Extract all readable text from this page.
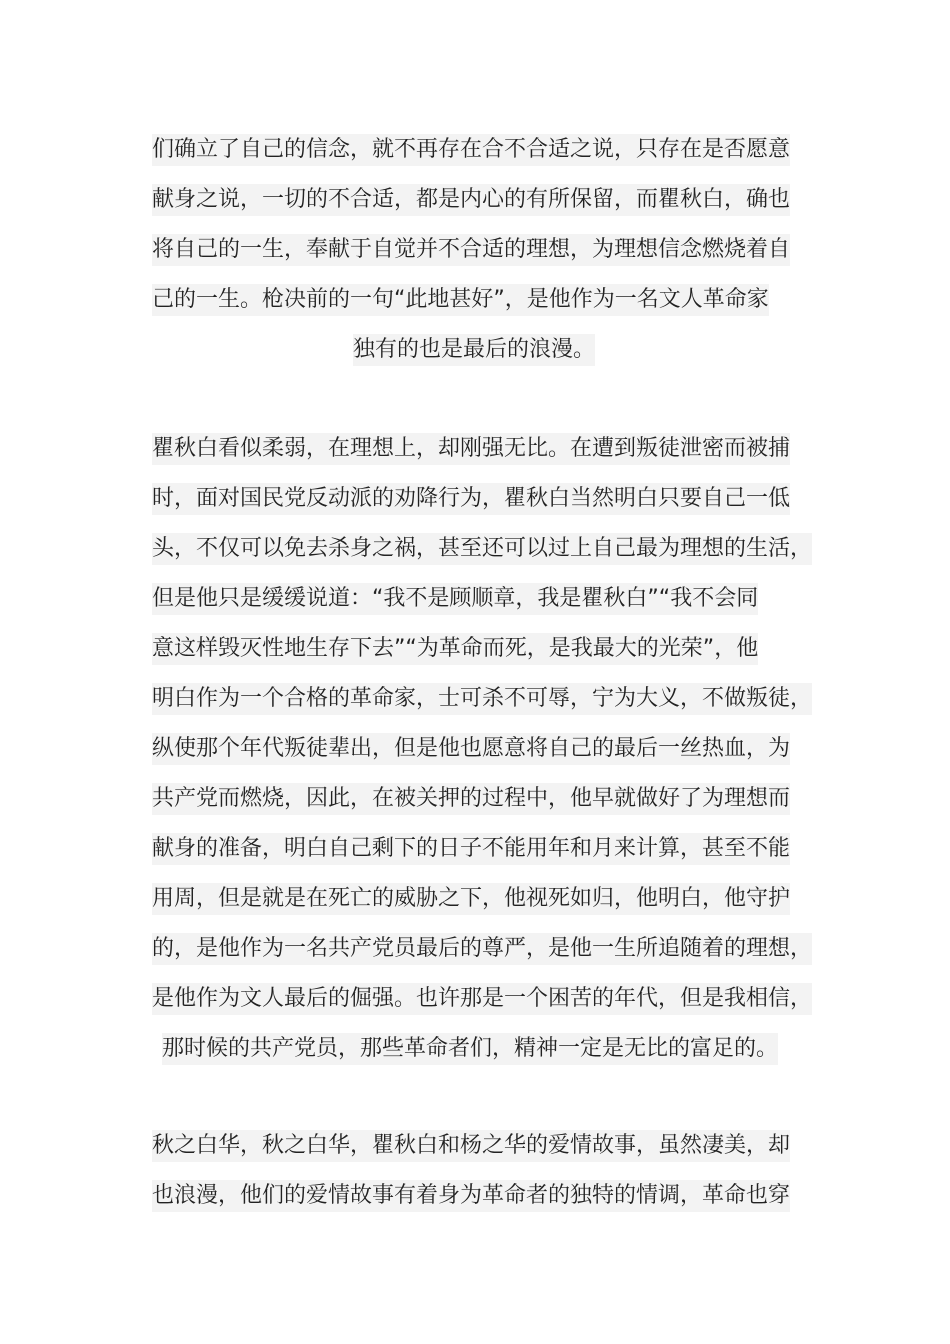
们确立了自己的信念，就不再存在合不合适之说，只存在是否愿意
献身之说，一切的不合适，都是内心的有所保留，而瞿秋白，确也
将自己的一生，奉献于自觉并不合适的理想，为理想信念燃烧着自
己的一生。枪决前的一句“此地甚好”，是他作为一名文人革命家
独有的也是最后的浪漫。
瞿秋白看似柔弱，在理想上，却刚强无比。在遭到叛徒泄密而被捕
时，面对国民党反动派的劝降行为，瞿秋白当然明白只要自己一低
头，不仅可以免去杀身之祸，甚至还可以过上自己最为理想的生活，
但是他只是缓缓说道：“我不是顾顺章，我是瞿秋白”“我不会同
意这样毁灭性地生存下去”“为革命而死，是我最大的光荣”，他
明白作为一个合格的革命家，士可杀不可辱，宁为大义，不做叛徒，
纵使那个年代叛徒辈出，但是他也愿意将自己的最后一丝热血，为
共产党而燃烧，因此，在被关押的过程中，他早就做好了为理想而
献身的准备，明白自己剩下的日子不能用年和月来计算，甚至不能
用周，但是就是在死亡的威胁之下，他视死如归，他明白，他守护
的，是他作为一名共产党员最后的尊严，是他一生所追随着的理想，
是他作为文人最后的倔强。也许那是一个困苦的年代，但是我相信，
那时候的共产党员，那些革命者们，精神一定是无比的富足的。
秋之白华，秋之白华，瞿秋白和杨之华的爱情故事，虽然凄美，却
也浪漫，他们的爱情故事有着身为革命者的独特的情调，革命也穿
